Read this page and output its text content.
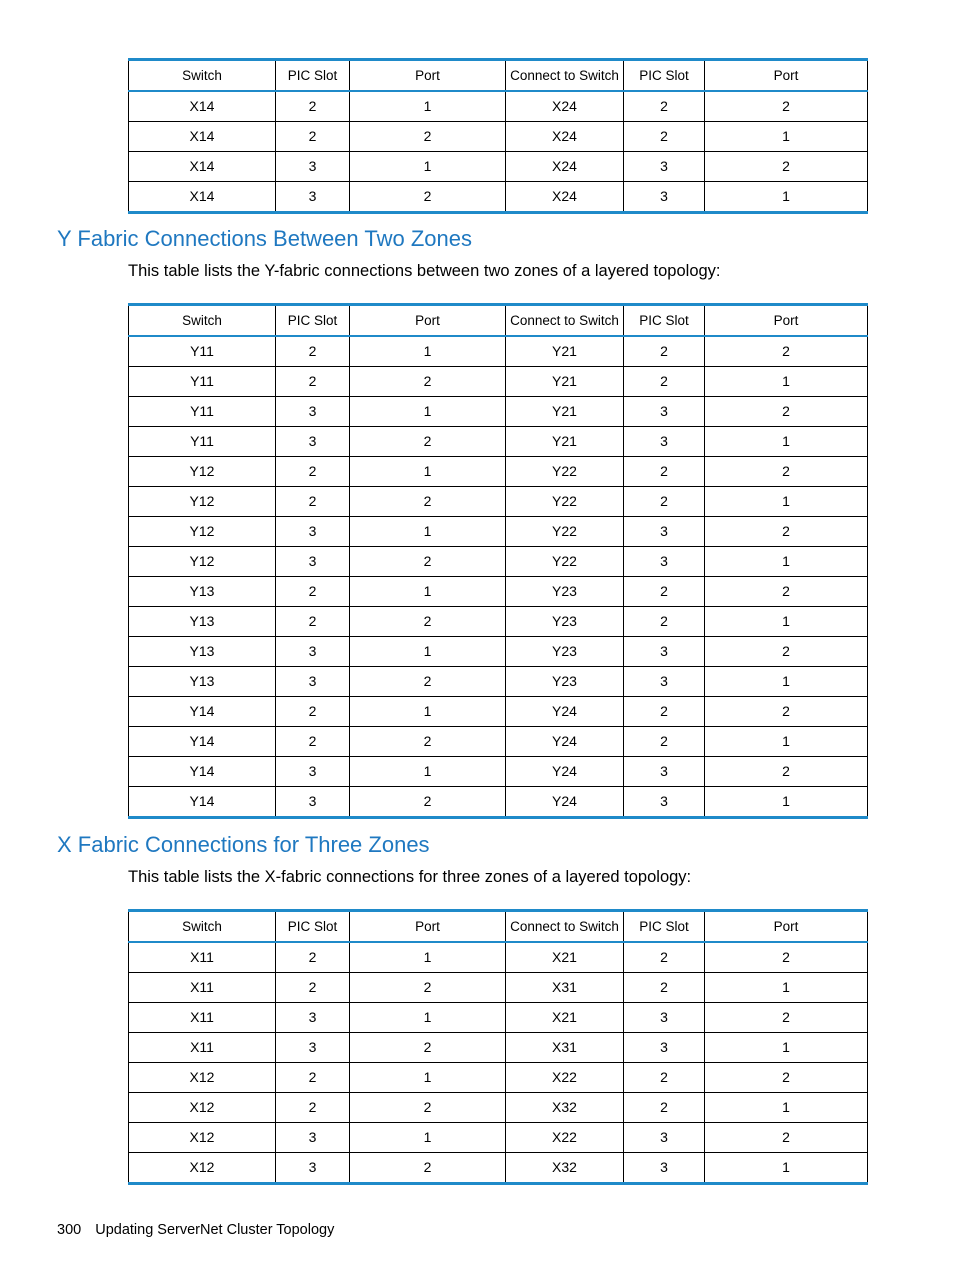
Switch	PIC Slot	Port	Connect to Switch	PIC Slot	Port
X14	2	1	X24	2	2
X14	2	2	X24	2	1
X14	3	1	X24	3	2
X14	3	2	X24	3	1
Y Fabric Connections Between Two Zones

This table lists the Y-fabric connections between two zones of a layered topology:

Switch	PIC Slot	Port	Connect to Switch	PIC Slot	Port
Y11	2	1	Y21	2	2
Y11	2	2	Y21	2	1
Y11	3	1	Y21	3	2
Y11	3	2	Y21	3	1
Y12	2	1	Y22	2	2
Y12	2	2	Y22	2	1
Y12	3	1	Y22	3	2
Y12	3	2	Y22	3	1
Y13	2	1	Y23	2	2
Y13	2	2	Y23	2	1
Y13	3	1	Y23	3	2
Y13	3	2	Y23	3	1
Y14	2	1	Y24	2	2
Y14	2	2	Y24	2	1
Y14	3	1	Y24	3	2
Y14	3	2	Y24	3	1
X Fabric Connections for Three Zones

This table lists the X-fabric connections for three zones of a layered topology:

Switch	PIC Slot	Port	Connect to Switch	PIC Slot	Port
X11	2	1	X21	2	2
X11	2	2	X31	2	1
X11	3	1	X21	3	2
X11	3	2	X31	3	1
X12	2	1	X22	2	2
X12	2	2	X32	2	1
X12	3	1	X22	3	2
X12	3	2	X32	3	1
300 Updating ServerNet Cluster Topology
